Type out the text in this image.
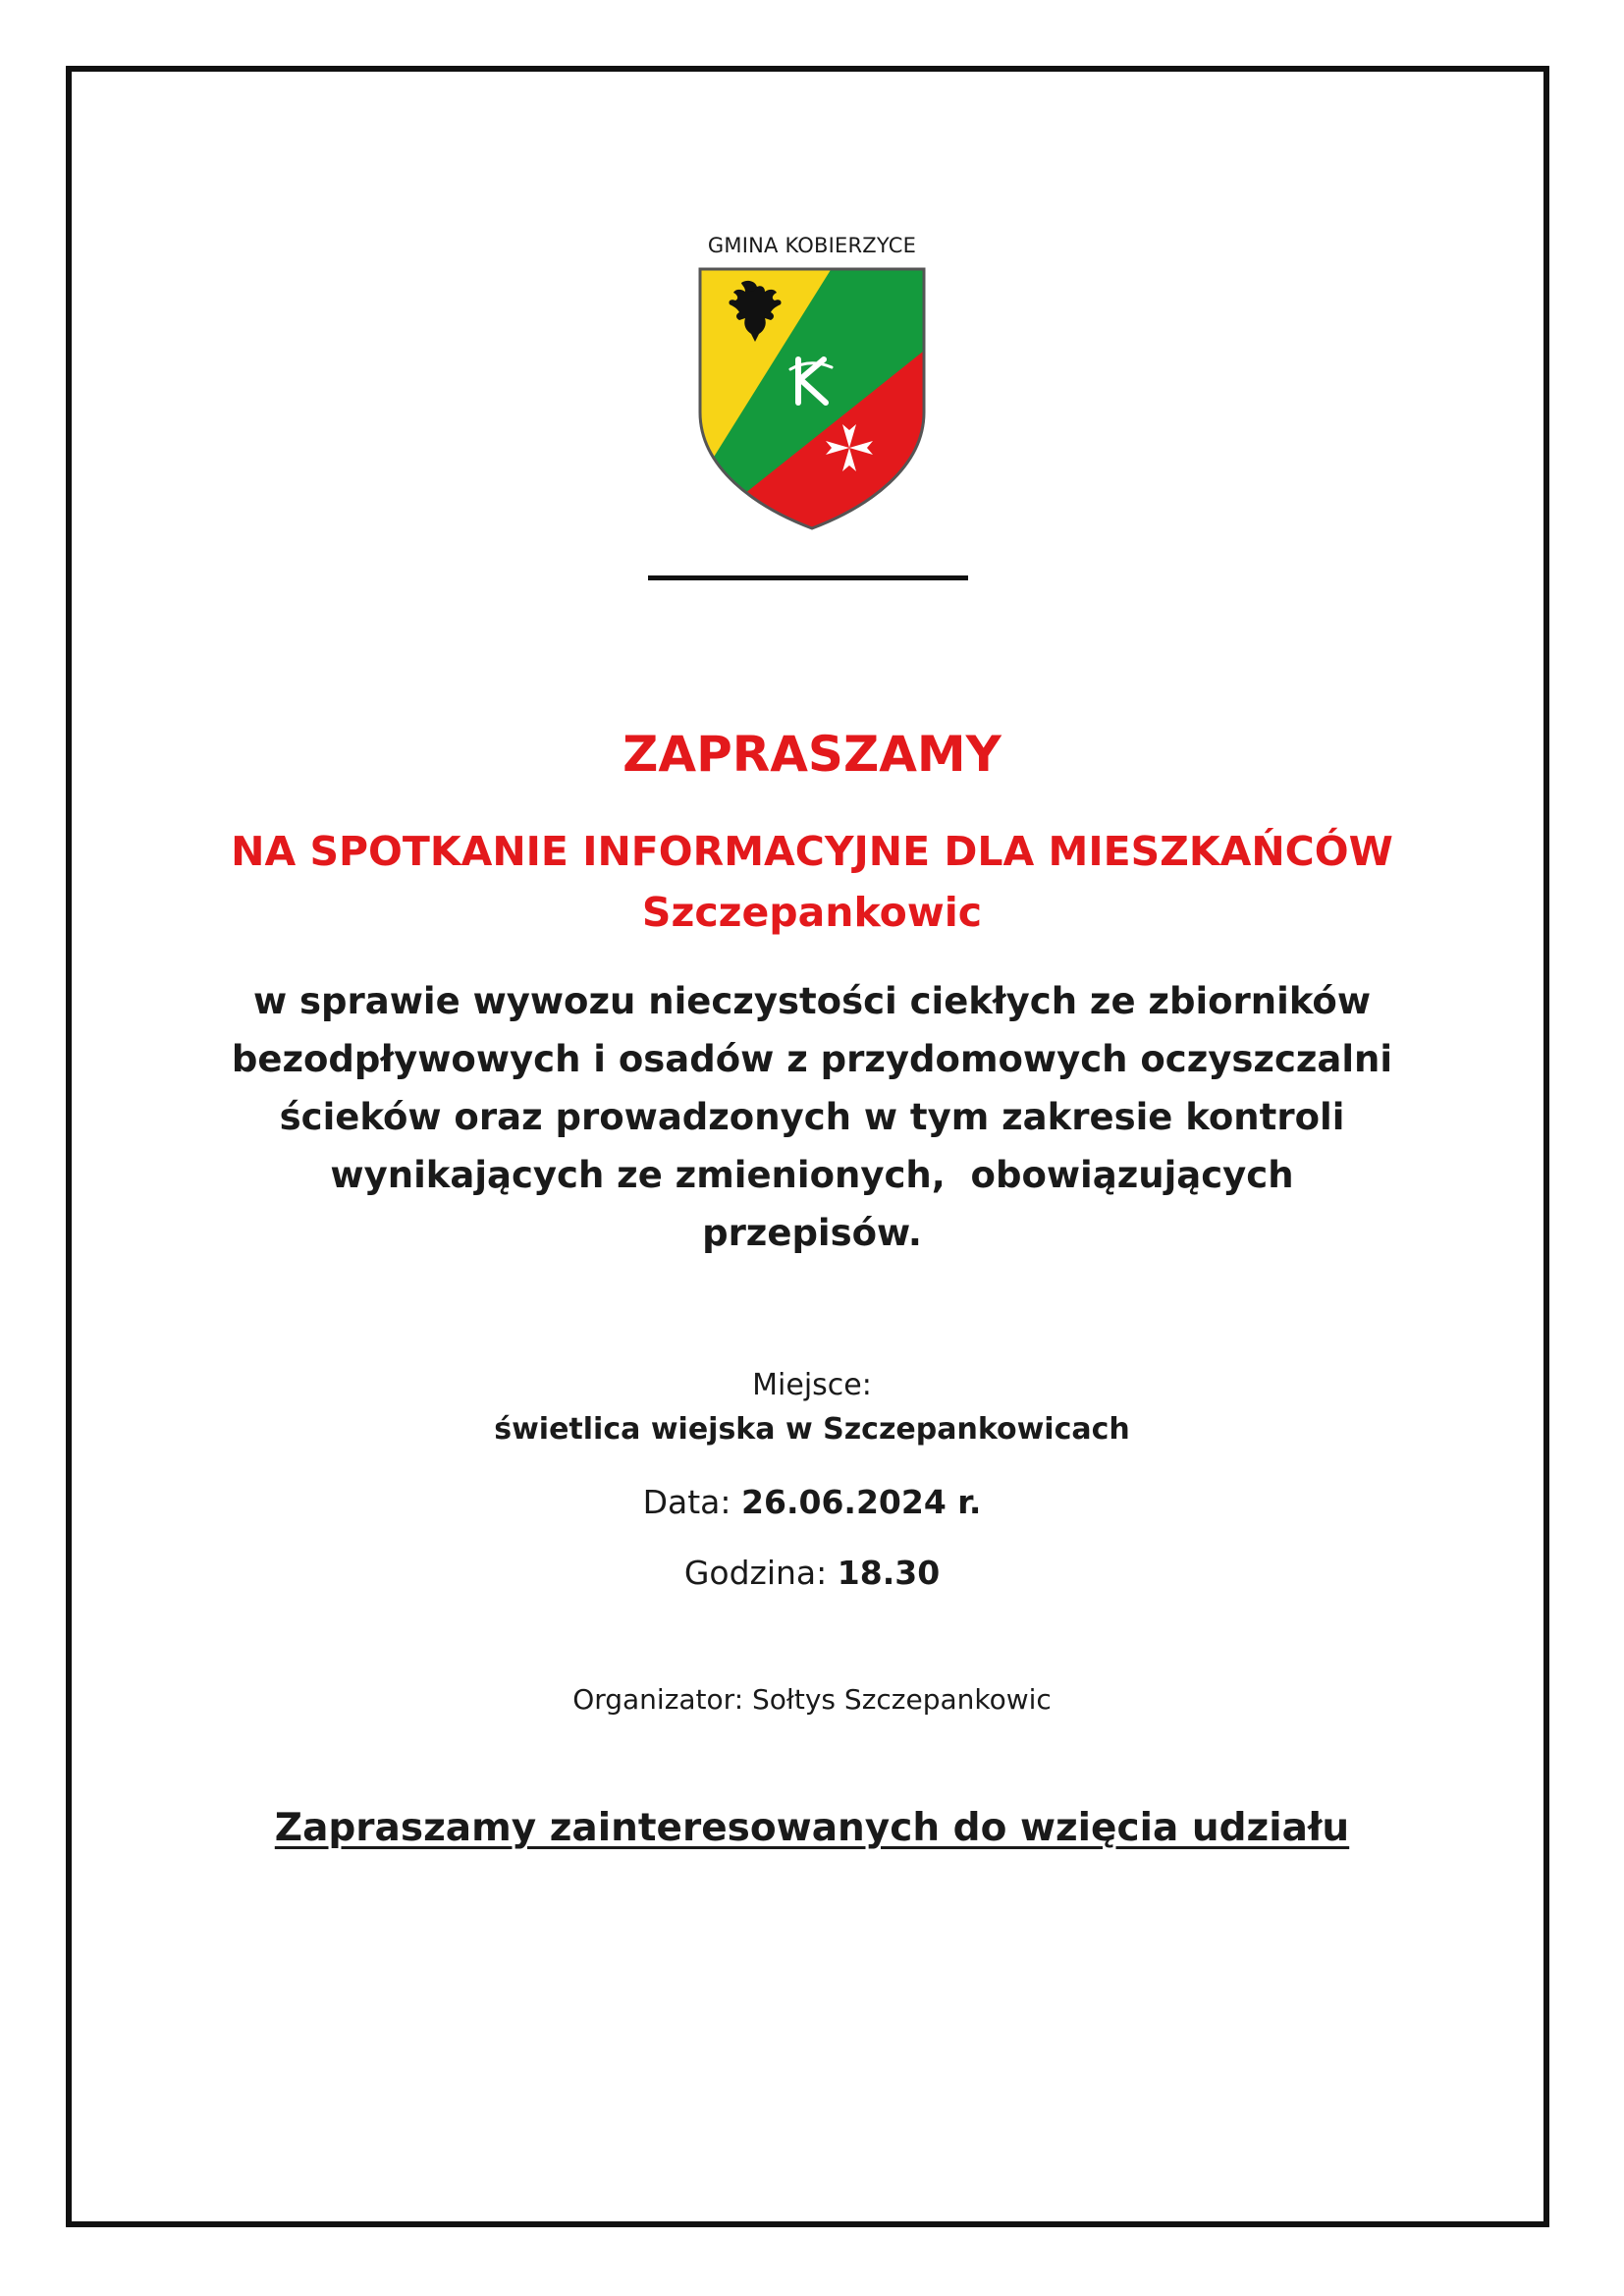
GMINA KOBIERZYCE
ZAPRASZAMY
NA SPOTKANIE INFORMACYJNE DLA MIESZKAŃCÓW
Szczepankowic
w sprawie wywozu nieczystości ciekłych ze zbiorników
bezodpływowych i osadów z przydomowych oczyszczalni
ścieków oraz prowadzonych w tym zakresie kontroli
wynikających ze zmienionych,  obowiązujących
przepisów.
Miejsce:
świetlica wiejska w Szczepankowicach
Data: 26.06.2024 r.
Godzina: 18.30
Organizator: Sołtys Szczepankowic
Zapraszamy zainteresowanych do wzięcia udziału
